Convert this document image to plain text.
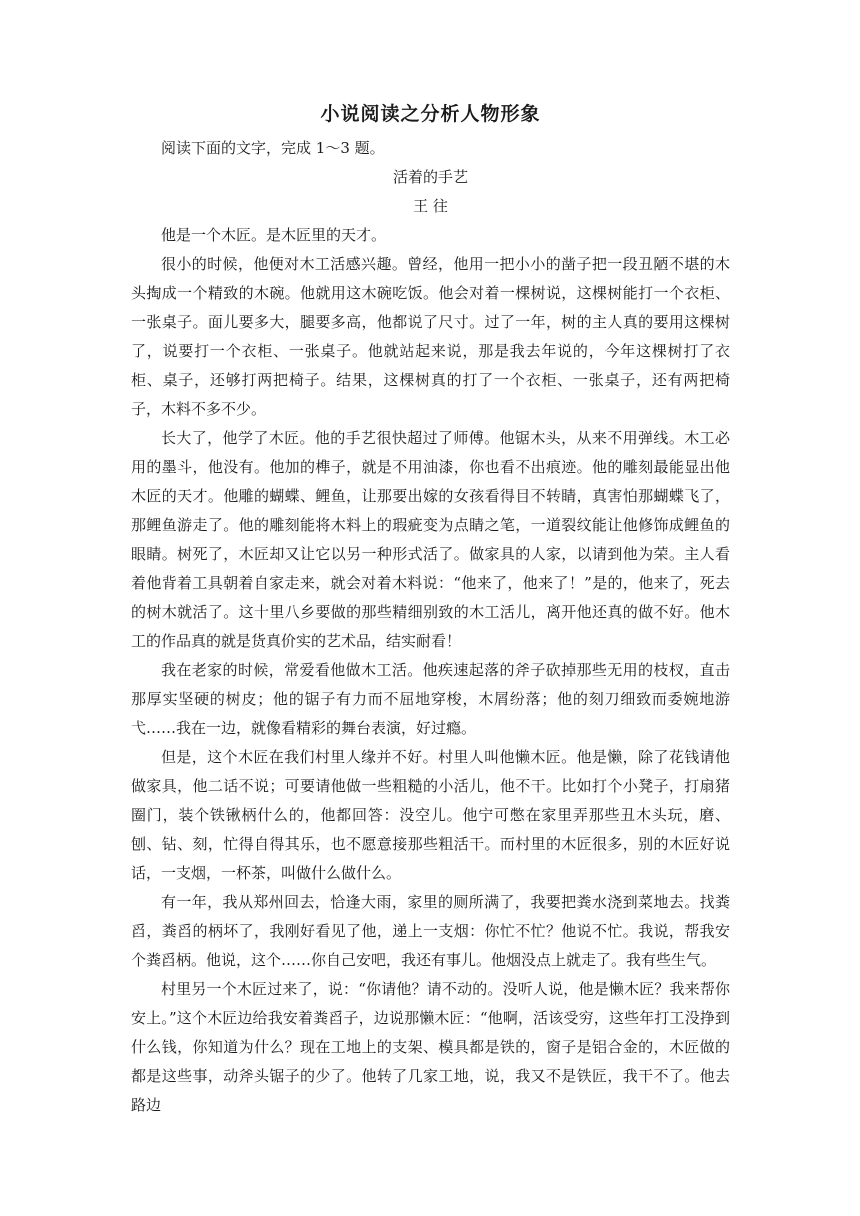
小说阅读之分析人物形象

阅读下面的文字，完成 1～3 题。

活着的手艺

王 往

他是一个木匠。是木匠里的天才。

很小的时候，他便对木工活感兴趣。曾经，他用一把小小的凿子把一段丑陋不堪的木头掏成一个精致的木碗。他就用这木碗吃饭。他会对着一棵树说，这棵树能打一个衣柜、一张桌子。面儿要多大，腿要多高，他都说了尺寸。过了一年，树的主人真的要用这棵树了，说要打一个衣柜、一张桌子。他就站起来说，那是我去年说的，今年这棵树打了衣柜、桌子，还够打两把椅子。结果，这棵树真的打了一个衣柜、一张桌子，还有两把椅子，木料不多不少。

长大了，他学了木匠。他的手艺很快超过了师傅。他锯木头，从来不用弹线。木工必用的墨斗，他没有。他加的榫子，就是不用油漆，你也看不出痕迹。他的雕刻最能显出他木匠的天才。他雕的蝴蝶、鲤鱼，让那要出嫁的女孩看得目不转睛，真害怕那蝴蝶飞了，那鲤鱼游走了。他的雕刻能将木料上的瑕疵变为点睛之笔，一道裂纹能让他修饰成鲤鱼的眼睛。树死了，木匠却又让它以另一种形式活了。做家具的人家，以请到他为荣。主人看着他背着工具朝着自家走来，就会对着木料说：“他来了，他来了！”是的，他来了，死去的树木就活了。这十里八乡要做的那些精细别致的木工活儿，离开他还真的做不好。他木工的作品真的就是货真价实的艺术品，结实耐看！

我在老家的时候，常爱看他做木工活。他疾速起落的斧子砍掉那些无用的枝杈，直击那厚实坚硬的树皮；他的锯子有力而不屈地穿梭，木屑纷落；他的刻刀细致而委婉地游弋……我在一边，就像看精彩的舞台表演，好过瘾。

但是，这个木匠在我们村里人缘并不好。村里人叫他懒木匠。他是懒，除了花钱请他做家具，他二话不说；可要请他做一些粗糙的小活儿，他不干。比如打个小凳子，打扇猪圈门，装个铁锹柄什么的，他都回答：没空儿。他宁可憋在家里弄那些丑木头玩，磨、刨、钻、刻，忙得自得其乐，也不愿意接那些粗活干。而村里的木匠很多，别的木匠好说话，一支烟，一杯茶，叫做什么做什么。

有一年，我从郑州回去，恰逢大雨，家里的厕所满了，我要把粪水浇到菜地去。找粪舀，粪舀的柄坏了，我刚好看见了他，递上一支烟：你忙不忙？他说不忙。我说，帮我安个粪舀柄。他说，这个……你自己安吧，我还有事儿。他烟没点上就走了。我有些生气。

村里另一个木匠过来了，说：“你请他？请不动的。没听人说，他是懒木匠？我来帮你安上。”这个木匠边给我安着粪舀子，边说那懒木匠：“他啊，活该受穷，这些年打工没挣到什么钱，你知道为什么？现在工地上的支架、模具都是铁的，窗子是铝合金的，木匠做的都是这些事，动斧头锯子的少了。他转了几家工地，说，我又不是铁匠，我干不了。他去路边
